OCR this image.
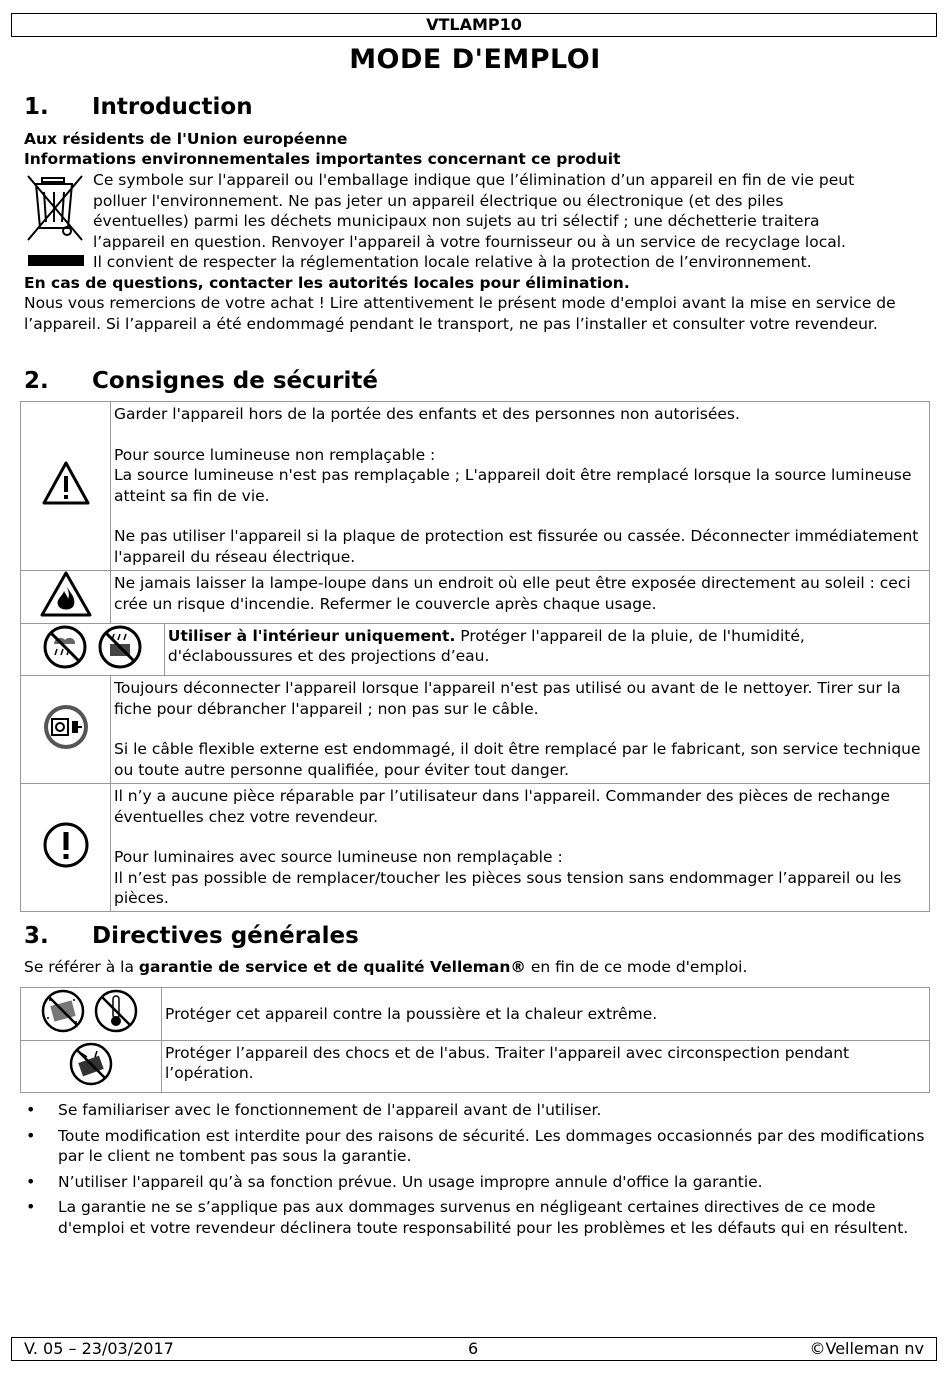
VTLAMP10
MODE D'EMPLOI
1. Introduction
Aux résidents de l'Union européenne
Informations environnementales importantes concernant ce produit
Ce symbole sur l'appareil ou l'emballage indique que l’élimination d’un appareil en fin de vie peut
polluer l'environnement. Ne pas jeter un appareil électrique ou électronique (et des piles
éventuelles) parmi les déchets municipaux non sujets au tri sélectif ; une déchetterie traitera
l’appareil en question. Renvoyer l'appareil à votre fournisseur ou à un service de recyclage local.
Il convient de respecter la réglementation locale relative à la protection de l’environnement.
En cas de questions, contacter les autorités locales pour élimination.
Nous vous remercions de votre achat ! Lire attentivement le présent mode d'emploi avant la mise en service de l’appareil. Si l’appareil a été endommagé pendant le transport, ne pas l’installer et consulter votre revendeur.
2. Consignes de sécurité

Garder l'appareil hors de la portée des enfants et des personnes non autorisées.
Pour source lumineuse non remplaçable :
La source lumineuse n'est pas remplaçable ; L'appareil doit être remplacé lorsque la source lumineuse atteint sa fin de vie.
Ne pas utiliser l'appareil si la plaque de protection est fissurée ou cassée. Déconnecter immédiatement l'appareil du réseau électrique.	

	Ne jamais laisser la lampe-loupe dans un endroit où elle peut être exposée directement au soleil : ceci crée un risque d'incendie. Refermer le couvercle après chaque usage.	
	Utiliser à l'intérieur uniquement. Protéger l'appareil de la pluie, de l'humidité, d'éclaboussures et des projections d’eau.

Toujours déconnecter l'appareil lorsque l'appareil n'est pas utilisé ou avant de le nettoyer. Tirer sur la fiche pour débrancher l'appareil ; non pas sur le câble.
Si le câble flexible externe est endommagé, il doit être remplacé par le fabricant, son service technique ou toute autre personne qualifiée, pour éviter tout danger.	

Il n’y a aucune pièce réparable par l’utilisateur dans l'appareil. Commander des pièces de rechange éventuelles chez votre revendeur.
Pour luminaires avec source lumineuse non remplaçable :
Il n’est pas possible de remplacer/toucher les pièces sous tension sans endommager l’appareil ou les pièces.	
3. Directives générales
Se référer à la garantie de service et de qualité Velleman® en fin de ce mode d'emploi.
	Protéger cet appareil contre la poussière et la chaleur extrême.
	Protéger l’appareil des chocs et de l'abus. Traiter l'appareil avec circonspection pendant l’opération.
• Se familiariser avec le fonctionnement de l'appareil avant de l'utiliser.
• Toute modification est interdite pour des raisons de sécurité. Les dommages occasionnés par des modifications par le client ne tombent pas sous la garantie.
• N’utiliser l'appareil qu’à sa fonction prévue. Un usage impropre annule d'office la garantie.
• La garantie ne se s’applique pas aux dommages survenus en négligeant certaines directives de ce mode d'emploi et votre revendeur déclinera toute responsabilité pour les problèmes et les défauts qui en résultent.
V. 05 – 23/03/2017	6	©Velleman nv
